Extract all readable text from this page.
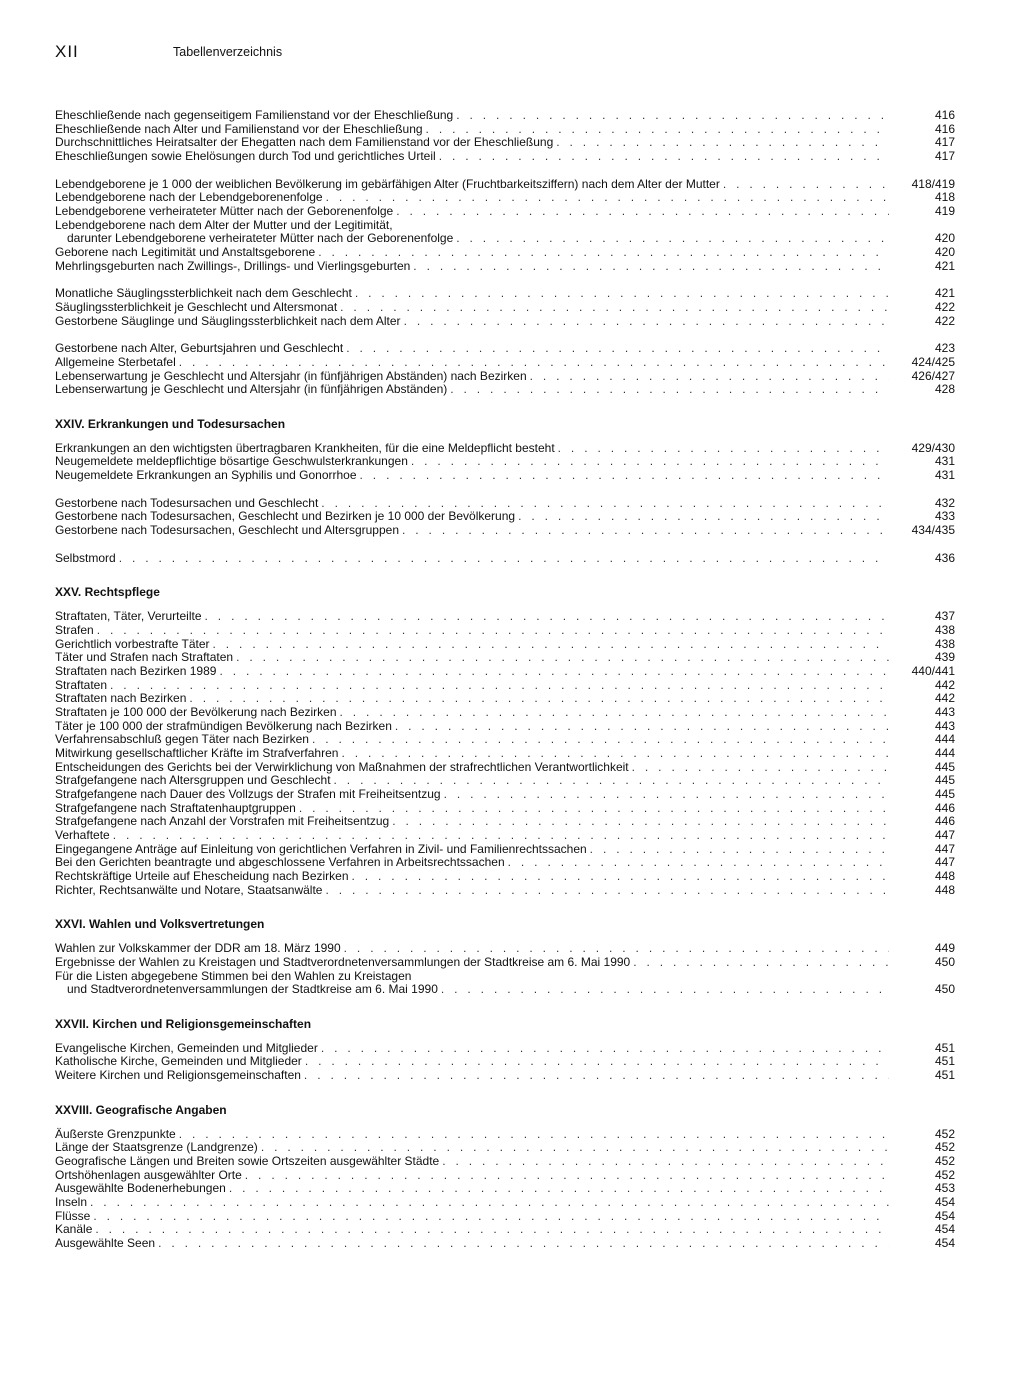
XII	Tabellenverzeichnis
Eheschließende nach gegenseitigem Familienstand vor der Eheschließung . . .	416
Eheschließende nach Alter und Familienstand vor der Eheschließung . . .	416
Durchschnittliches Heiratsalter der Ehegatten nach dem Familienstand vor der Eheschließung . . .	417
Eheschließungen sowie Ehelösungen durch Tod und gerichtliches Urteil . . .	417
Lebendgeborene je 1 000 der weiblichen Bevölkerung im gebärfähigen Alter (Fruchtbarkeitsziffern) nach dem Alter der Mutter . . .	418/419
Lebendgeborene nach der Lebendgeborenenfolge . . .	418
Lebendgeborene verheirateter Mütter nach der Geborenenfolge . . .	419
Lebendgeborene nach dem Alter der Mutter und der Legitimität,
darunter Lebendgeborene verheirateter Mütter nach der Geborenenfolge . . .	420
Geborene nach Legitimität und Anstaltsgeborene . . .	420
Mehrlingsgeburten nach Zwillings-, Drillings- und Vierlingsgeburten . . .	421
Monatliche Säuglingssterblichkeit nach dem Geschlecht . . .	421
Säuglingssterblichkeit je Geschlecht und Altersmonat . . .	422
Gestorbene Säuglinge und Säuglingssterblichkeit nach dem Alter . . .	422
Gestorbene nach Alter, Geburtsjahren und Geschlecht . . .	423
Allgemeine Sterbetafel . . .	424/425
Lebenserwartung je Geschlecht und Altersjahr (in fünfjährigen Abständen) nach Bezirken . . .	426/427
Lebenserwartung je Geschlecht und Altersjahr (in fünfjährigen Abständen) . . .	428
XXIV. Erkrankungen und Todesursachen
Erkrankungen an den wichtigsten übertragbaren Krankheiten, für die eine Meldepflicht besteht . . .	429/430
Neugemeldete meldepflichtige bösartige Geschwulsterkrankungen . . .	431
Neugemeldete Erkrankungen an Syphilis und Gonorrhoe . . .	431
Gestorbene nach Todesursachen und Geschlecht . . .	432
Gestorbene nach Todesursachen, Geschlecht und Bezirken je 10 000 der Bevölkerung . . .	433
Gestorbene nach Todesursachen, Geschlecht und Altersgruppen . . .	434/435
Selbstmord . . .	436
XXV. Rechtspflege
Straftaten, Täter, Verurteilte . . .	437
Strafen . . .	438
Gerichtlich vorbestrafte Täter . . .	438
Täter und Strafen nach Straftaten . . .	439
Straftaten nach Bezirken 1989 . . .	440/441
Straftaten . . .	442
Straftaten nach Bezirken . . .	442
Straftaten je 100 000 der Bevölkerung nach Bezirken . . .	443
Täter je 100 000 der strafmündigen Bevölkerung nach Bezirken . . .	443
Verfahrensabschluß gegen Täter nach Bezirken . . .	444
Mitwirkung gesellschaftlicher Kräfte im Strafverfahren . . .	444
Entscheidungen des Gerichts bei der Verwirklichung von Maßnahmen der strafrechtlichen Verantwortlichkeit . . .	445
Strafgefangene nach Altersgruppen und Geschlecht . . .	445
Strafgefangene nach Dauer des Vollzugs der Strafen mit Freiheitsentzug . . .	445
Strafgefangene nach Straftatenhauptgruppen . . .	446
Strafgefangene nach Anzahl der Vorstrafen mit Freiheitsentzug . . .	446
Verhaftete . . .	447
Eingegangene Anträge auf Einleitung von gerichtlichen Verfahren in Zivil- und Familienrechtssachen . . .	447
Bei den Gerichten beantragte und abgeschlossene Verfahren in Arbeitsrechtssachen . . .	447
Rechtskräftige Urteile auf Ehescheidung nach Bezirken . . .	448
Richter, Rechtsanwälte und Notare, Staatsanwälte . . .	448
XXVI. Wahlen und Volksvertretungen
Wahlen zur Volkskammer der DDR am 18. März 1990 . . .	449
Ergebnisse der Wahlen zu Kreistagen und Stadtverordnetenversammlungen der Stadtkreise am 6. Mai 1990 . . .	450
Für die Listen abgegebene Stimmen bei den Wahlen zu Kreistagen
und Stadtverordnetenversammlungen der Stadtkreise am 6. Mai 1990 . . .	450
XXVII. Kirchen und Religionsgemeinschaften
Evangelische Kirchen, Gemeinden und Mitglieder . . .	451
Katholische Kirche, Gemeinden und Mitglieder . . .	451
Weitere Kirchen und Religionsgemeinschaften . . .	451
XXVIII. Geografische Angaben
Äußerste Grenzpunkte . . .	452
Länge der Staatsgrenze (Landgrenze) . . .	452
Geografische Längen und Breiten sowie Ortszeiten ausgewählter Städte . . .	452
Ortshöhenlagen ausgewählter Orte . . .	452
Ausgewählte Bodenerhebungen . . .	453
Inseln . . .	454
Flüsse . . .	454
Kanäle . . .	454
Ausgewählte Seen . . .	454
